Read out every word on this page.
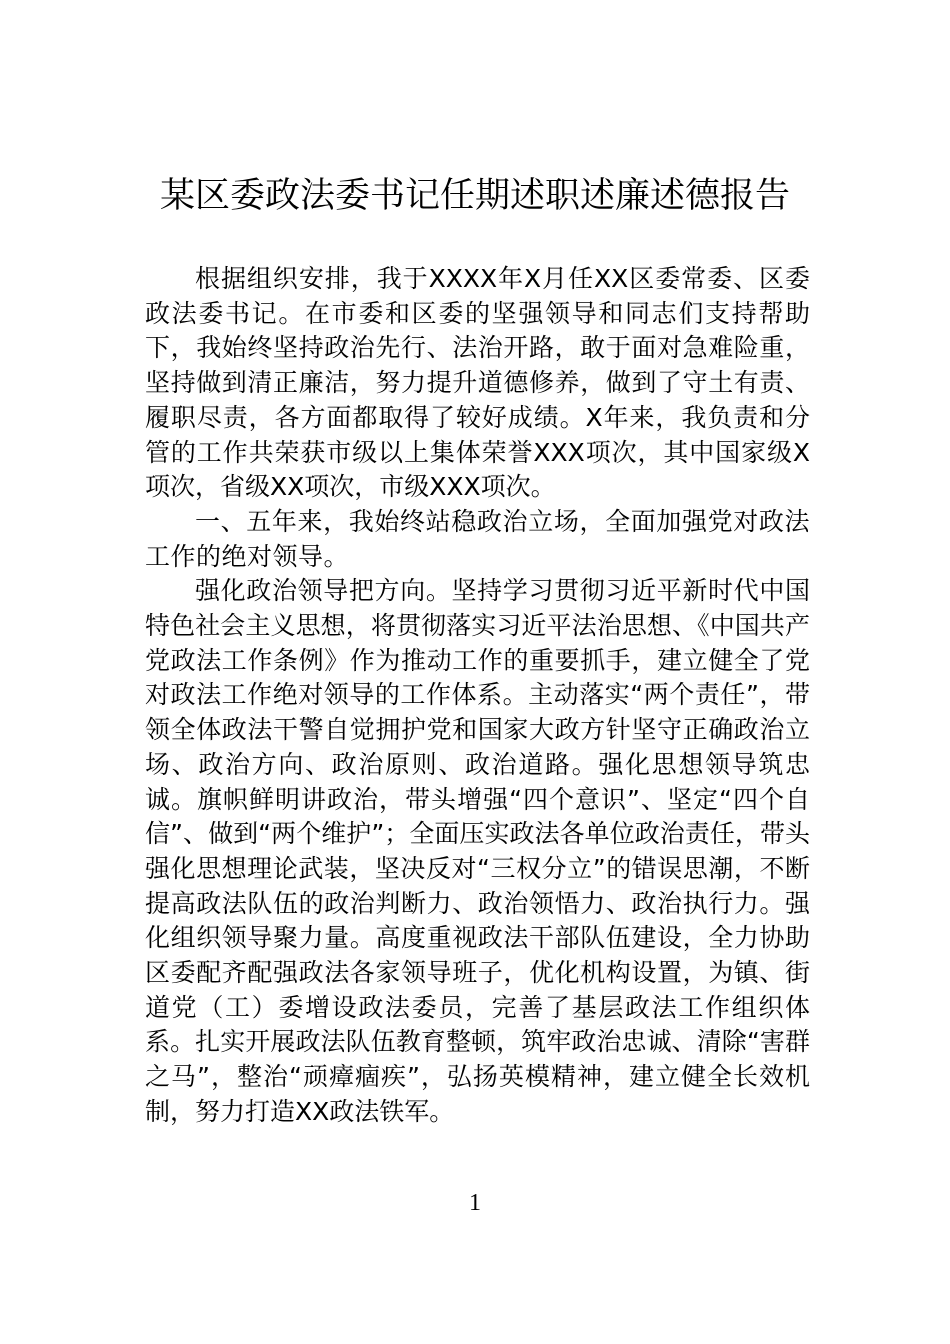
某区委政法委书记任期述职述廉述德报告

根据组织安排，我于XXXX年X月任XX区委常委、区委政法委书记。在市委和区委的坚强领导和同志们支持帮助下，我始终坚持政治先行、法治开路，敢于面对急难险重，坚持做到清正廉洁，努力提升道德修养，做到了守土有责、履职尽责，各方面都取得了较好成绩。X年来，我负责和分管的工作共荣获市级以上集体荣誉XXX项次，其中国家级X项次，省级XX项次，市级XXX项次。

一、五年来，我始终站稳政治立场，全面加强党对政法工作的绝对领导。

强化政治领导把方向。坚持学习贯彻习近平新时代中国特色社会主义思想，将贯彻落实习近平法治思想、《中国共产党政法工作条例》作为推动工作的重要抓手，建立健全了党对政法工作绝对领导的工作体系。主动落实“两个责任”，带领全体政法干警自觉拥护党和国家大政方针坚守正确政治立场、政治方向、政治原则、政治道路。强化思想领导筑忠诚。旗帜鲜明讲政治，带头增强“四个意识”、坚定“四个自信”、做到“两个维护”；全面压实政法各单位政治责任，带头强化思想理论武装，坚决反对“三权分立”的错误思潮，不断提高政法队伍的政治判断力、政治领悟力、政治执行力。强化组织领导聚力量。高度重视政法干部队伍建设，全力协助区委配齐配强政法各家领导班子，优化机构设置，为镇、街道党（工）委增设政法委员，完善了基层政法工作组织体系。扎实开展政法队伍教育整顿，筑牢政治忠诚、清除“害群之马”，整治“顽瘴痼疾”，弘扬英模精神，建立健全长效机制，努力打造XX政法铁军。

1
